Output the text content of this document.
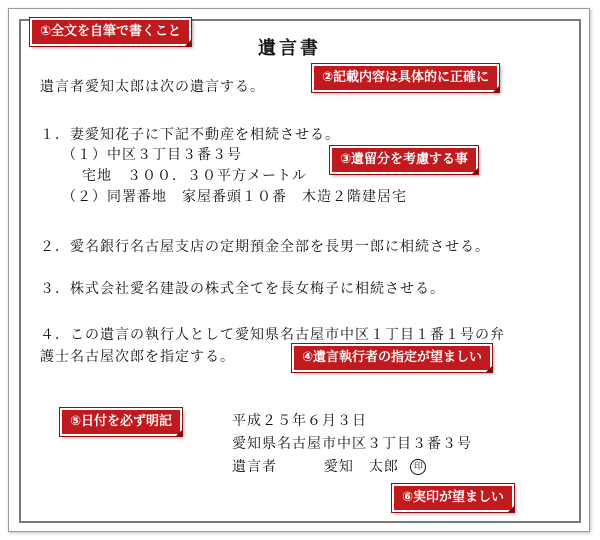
遺言書
遺言者愛知太郎は次の遺言する。
１．妻愛知花子に下記不動産を相続させる。
（１）中区３丁目３番３号
宅地　３００．３０平方メートル
（２）同署番地　家屋番頭１０番　木造２階建居宅
２．愛名銀行名古屋支店の定期預金全部を長男一郎に相続させる。
３．株式会社愛名建設の株式全てを長女梅子に相続させる。
４．この遺言の執行人として愛知県名古屋市中区１丁目１番１号の弁
護士名古屋次郎を指定する。
平成２５年６月３日
愛知県名古屋市中区３丁目３番３号
遺言者	愛知　太郎 印
①全文を自筆で書くこと
②記載内容は具体的に正確に
③遺留分を考慮する事
④遺言執行者の指定が望ましい
⑤日付を必ず明記
⑥実印が望ましい
